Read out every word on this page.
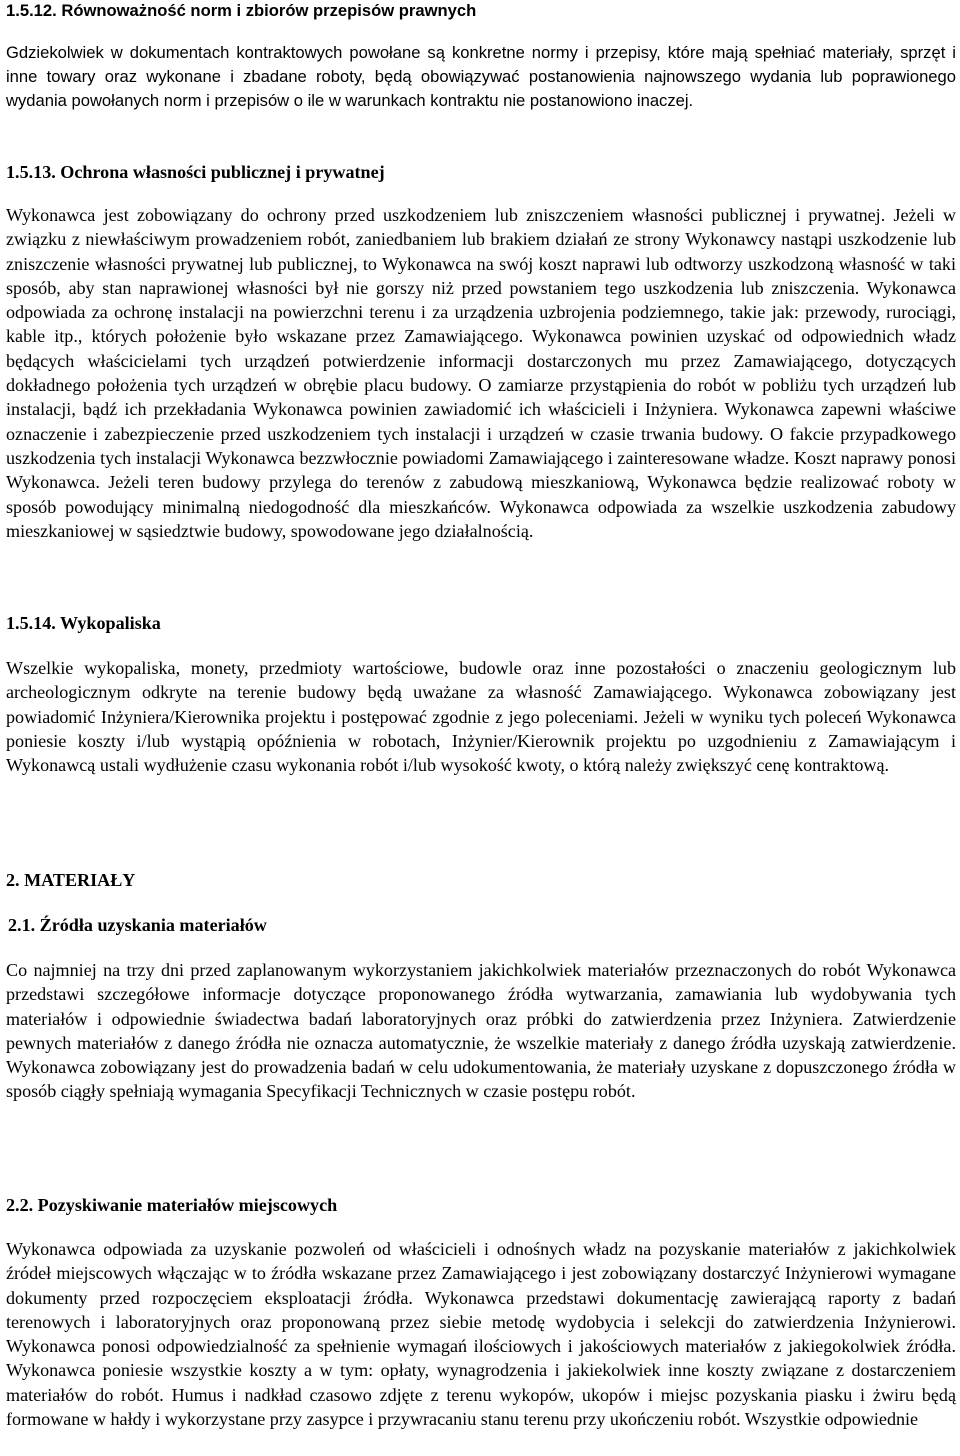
1.5.12. Równoważność norm i zbiorów przepisów prawnych

Gdziekolwiek w dokumentach kontraktowych powołane są konkretne normy i przepisy, które mają spełniać materiały, sprzęt i inne towary oraz wykonane i zbadane roboty, będą obowiązywać postanowienia najnowszego wydania lub poprawionego wydania powołanych norm i przepisów o ile w warunkach kontraktu nie postanowiono inaczej.

1.5.13. Ochrona własności publicznej i prywatnej

Wykonawca jest zobowiązany do ochrony przed uszkodzeniem lub zniszczeniem własności publicznej i prywatnej. Jeżeli w związku z niewłaściwym prowadzeniem robót, zaniedbaniem lub brakiem działań ze strony Wykonawcy nastąpi uszkodzenie lub zniszczenie własności prywatnej lub publicznej, to Wykonawca na swój koszt naprawi lub odtworzy uszkodzoną własność w taki sposób, aby stan naprawionej własności był nie gorszy niż przed powstaniem tego uszkodzenia lub zniszczenia. Wykonawca odpowiada za ochronę instalacji na powierzchni terenu i za urządzenia uzbrojenia podziemnego, takie jak: przewody, rurociągi, kable itp., których położenie było wskazane przez Zamawiającego. Wykonawca powinien uzyskać od odpowiednich władz będących właścicielami tych urządzeń potwierdzenie informacji dostarczonych mu przez Zamawiającego, dotyczących dokładnego położenia tych urządzeń w obrębie placu budowy. O zamiarze przystąpienia do robót w pobliżu tych urządzeń lub instalacji, bądź ich przekładania Wykonawca powinien zawiadomić ich właścicieli i Inżyniera. Wykonawca zapewni właściwe oznaczenie i zabezpieczenie przed uszkodzeniem tych instalacji i urządzeń w czasie trwania budowy. O fakcie przypadkowego uszkodzenia tych instalacji Wykonawca bezzwłocznie powiadomi Zamawiającego i zainteresowane władze. Koszt naprawy ponosi Wykonawca. Jeżeli teren budowy przylega do terenów z zabudową mieszkaniową, Wykonawca będzie realizować roboty w sposób powodujący minimalną niedogodność dla mieszkańców. Wykonawca odpowiada za wszelkie uszkodzenia zabudowy mieszkaniowej w sąsiedztwie budowy, spowodowane jego działalnością.

1.5.14. Wykopaliska

Wszelkie wykopaliska, monety, przedmioty wartościowe, budowle oraz inne pozostałości o znaczeniu geologicznym lub archeologicznym odkryte na terenie budowy będą uważane za własność Zamawiającego. Wykonawca zobowiązany jest powiadomić Inżyniera/Kierownika projektu i postępować zgodnie z jego poleceniami. Jeżeli w wyniku tych poleceń Wykonawca poniesie koszty i/lub wystąpią opóźnienia w robotach, Inżynier/Kierownik projektu po uzgodnieniu z Zamawiającym i Wykonawcą ustali wydłużenie czasu wykonania robót i/lub wysokość kwoty, o którą należy zwiększyć cenę kontraktową.

2. MATERIAŁY
2.1. Źródła uzyskania materiałów

Co najmniej na trzy dni przed zaplanowanym wykorzystaniem jakichkolwiek materiałów przeznaczonych do robót Wykonawca przedstawi szczegółowe informacje dotyczące proponowanego źródła wytwarzania, zamawiania lub wydobywania tych materiałów i odpowiednie świadectwa badań laboratoryjnych oraz próbki do zatwierdzenia przez Inżyniera. Zatwierdzenie pewnych materiałów z danego źródła nie oznacza automatycznie, że wszelkie materiały z danego źródła uzyskają zatwierdzenie. Wykonawca zobowiązany jest do prowadzenia badań w celu udokumentowania, że materiały uzyskane z dopuszczonego źródła w sposób ciągły spełniają wymagania Specyfikacji Technicznych w czasie postępu robót.

2.2. Pozyskiwanie materiałów miejscowych

Wykonawca odpowiada za uzyskanie pozwoleń od właścicieli i odnośnych władz na pozyskanie materiałów z jakichkolwiek źródeł miejscowych włączając w to źródła wskazane przez Zamawiającego i jest zobowiązany dostarczyć Inżynierowi wymagane dokumenty przed rozpoczęciem eksploatacji źródła. Wykonawca przedstawi dokumentację zawierającą raporty z badań terenowych i laboratoryjnych oraz proponowaną przez siebie metodę wydobycia i selekcji do zatwierdzenia Inżynierowi. Wykonawca ponosi odpowiedzialność za spełnienie wymagań ilościowych i jakościowych materiałów z jakiegokolwiek źródła. Wykonawca poniesie wszystkie koszty a w tym: opłaty, wynagrodzenia i jakiekolwiek inne koszty związane z dostarczeniem materiałów do robót. Humus i nadkład czasowo zdjęte z terenu wykopów, ukopów i miejsc pozyskania piasku i żwiru będą formowane w hałdy i wykorzystane przy zasypce i przywracaniu stanu terenu przy ukończeniu robót. Wszystkie odpowiednie
